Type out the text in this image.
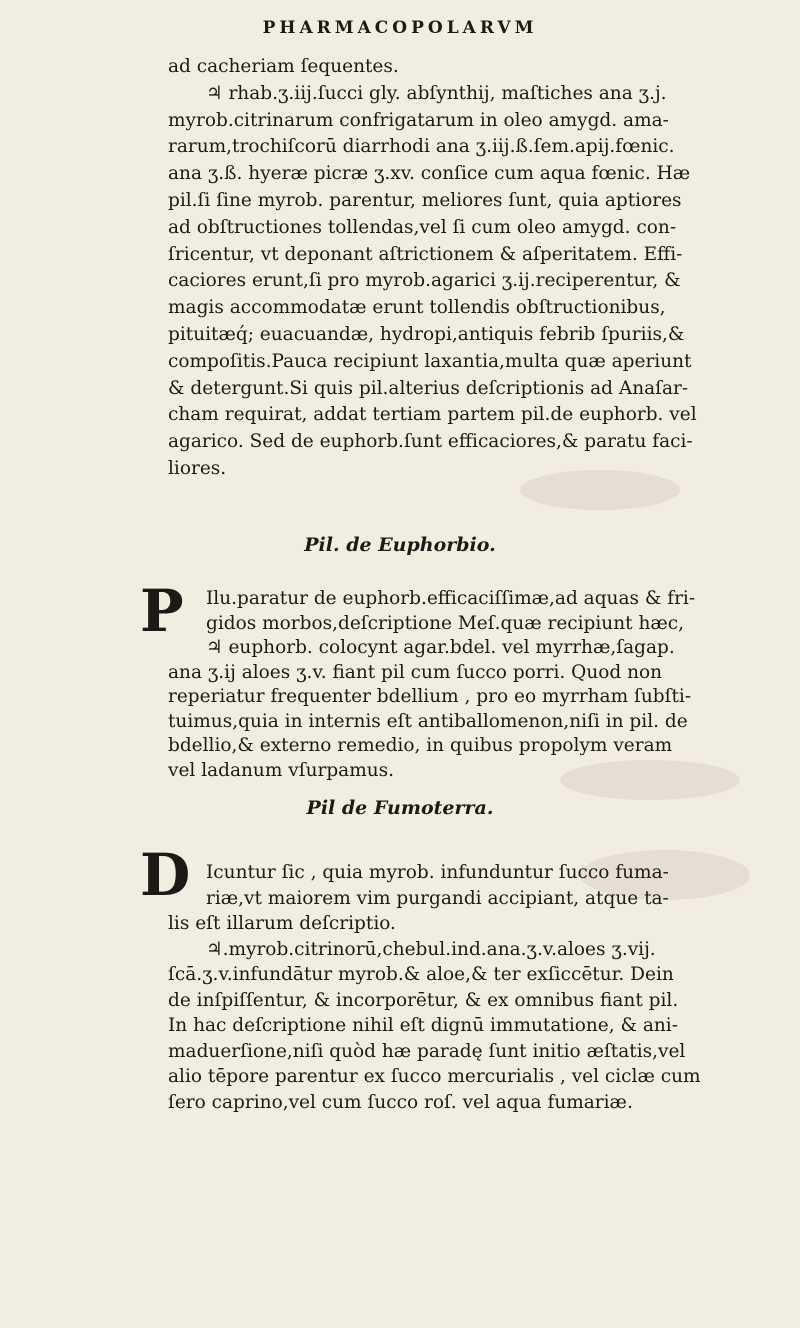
PHARMACOPOLARVM
ad cacheriam ſequentes.
♃ rhab.ʒ.iij.ſucci gly. abſynthij, maſtiches ana ʒ.j.
myrob.citrinarum confrigatarum in oleo amygd. ama-
rarum,trochiſcorū diarrhodi ana ʒ.iij.ß.ſem.apij.fœnic.
ana ʒ.ß. hyeræ picræ ʒ.xv. conſice cum aqua fœnic. Hæ
pil.ſi ſine myrob. parentur, meliores ſunt, quia aptiores
ad obſtructiones tollendas,vel ſi cum oleo amygd. con-
ſricentur, vt deponant aſtrictionem & aſperitatem. Effi-
caciores erunt,ſi pro myrob.agarici ʒ.ij.reciperentur, &
magis accommodatæ erunt tollendis obſtructionibus,
pituitæq́; euacuandæ, hydropi,antiquis febrib ſpuriis,&
compoſitis.Pauca recipiunt laxantia,multa quæ aperiunt
& detergunt.Si quis pil.alterius deſcriptionis ad Anaſar-
cham requirat, addat tertiam partem pil.de euphorb. vel
agarico. Sed de euphorb.ſunt efficaciores,& paratu faci-
liores.
Pil. de Euphorbio.
P Ilu.paratur de euphorb.efficaciſſimæ,ad aquas & fri-
gidos morbos,deſcriptione Meſ.quæ recipiunt hæc,
♃ euphorb. colocynt agar.bdel. vel myrrhæ,ſagap.
ana ʒ.ij aloes ʒ.v. fiant pil cum ſucco porri. Quod non
reperiatur frequenter bdellium , pro eo myrrham ſubſti-
tuimus,quia in internis eſt antiballomenon,niſi in pil. de
bdellio,& externo remedio, in quibus propolym veram
vel ladanum vſurpamus.
Pil de Fumoterra.
D Icuntur ſic , quia myrob. infunduntur ſucco fuma-
riæ,vt maiorem vim purgandi accipiant, atque ta-
lis eſt illarum deſcriptio.
♃.myrob.citrinorū,chebul.ind.ana.ʒ.v.aloes ʒ.vij.
ſcā.ʒ.v.infundātur myrob.& aloe,& ter exſiccētur. Dein
de inſpiſſentur, & incorporētur, & ex omnibus fiant pil.
In hac deſcriptione nihil eſt dignū immutatione, & ani-
maduerſione,niſi quòd hæ paradę ſunt initio æſtatis,vel
alio tēpore parentur ex ſucco mercurialis , vel ciclæ cum
ſero caprino,vel cum ſucco roſ. vel aqua fumariæ.
